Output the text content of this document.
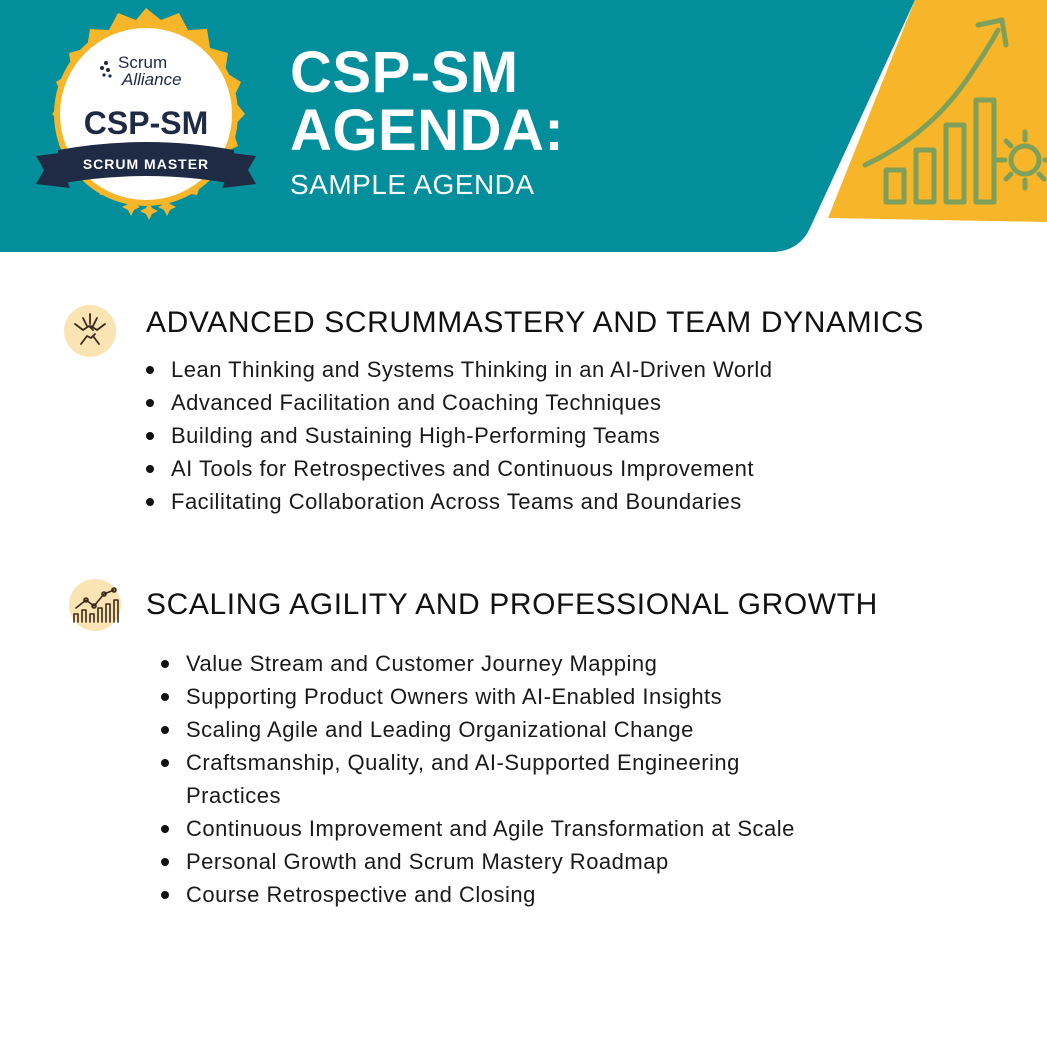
Scrum
Alliance
CSP-SM
SCRUM MASTER
CSP-SM
AGENDA:
SAMPLE AGENDA
ADVANCED SCRUMMASTERY AND TEAM DYNAMICS
Lean Thinking and Systems Thinking in an AI-Driven World
Advanced Facilitation and Coaching Techniques
Building and Sustaining High-Performing Teams
AI Tools for Retrospectives and Continuous Improvement
Facilitating Collaboration Across Teams and Boundaries
SCALING AGILITY AND PROFESSIONAL GROWTH
Value Stream and Customer Journey Mapping
Supporting Product Owners with AI-Enabled Insights
Scaling Agile and Leading Organizational Change
Craftsmanship, Quality, and AI-Supported Engineering Practices
Continuous Improvement and Agile Transformation at Scale
Personal Growth and Scrum Mastery Roadmap
Course Retrospective and Closing
